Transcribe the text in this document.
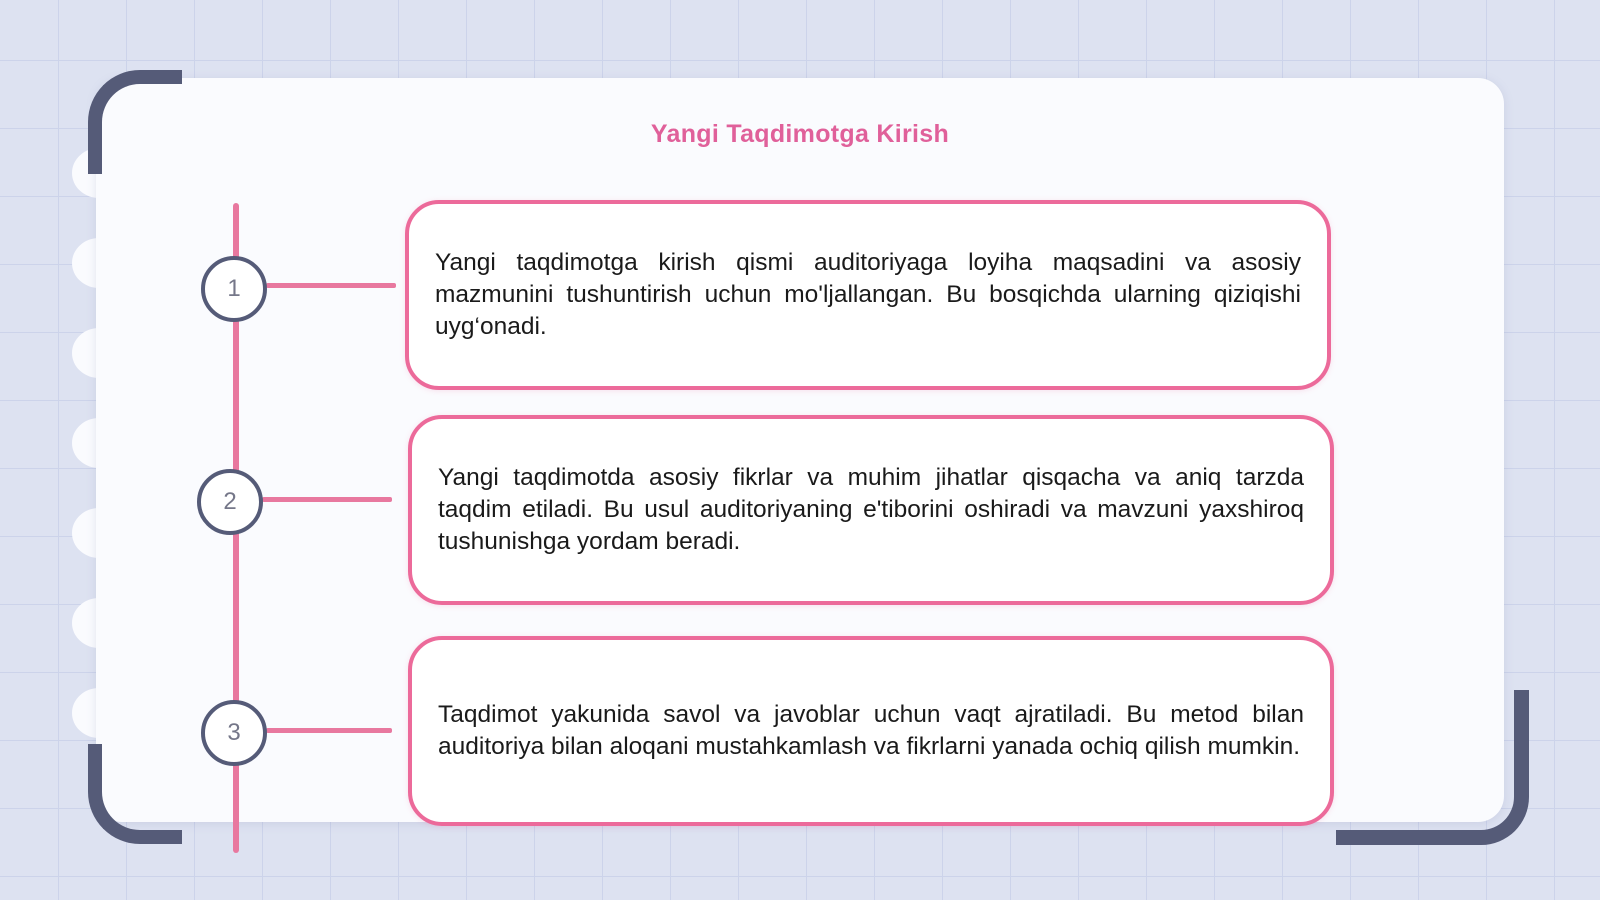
Yangi Taqdimotga Kirish
1
Yangi taqdimotga kirish qismi auditoriyaga loyiha maqsadini va asosiy mazmunini tushuntirish uchun mo'ljallangan. Bu bosqichda ularning qiziqishi uyg‘onadi.
2
Yangi taqdimotda asosiy fikrlar va muhim jihatlar qisqacha va aniq tarzda taqdim etiladi. Bu usul auditoriyaning e'tiborini oshiradi va mavzuni yaxshiroq tushunishga yordam beradi.
3
Taqdimot yakunida savol va javoblar uchun vaqt ajratiladi. Bu metod bilan auditoriya bilan aloqani mustahkamlash va fikrlarni yanada ochiq qilish mumkin.
